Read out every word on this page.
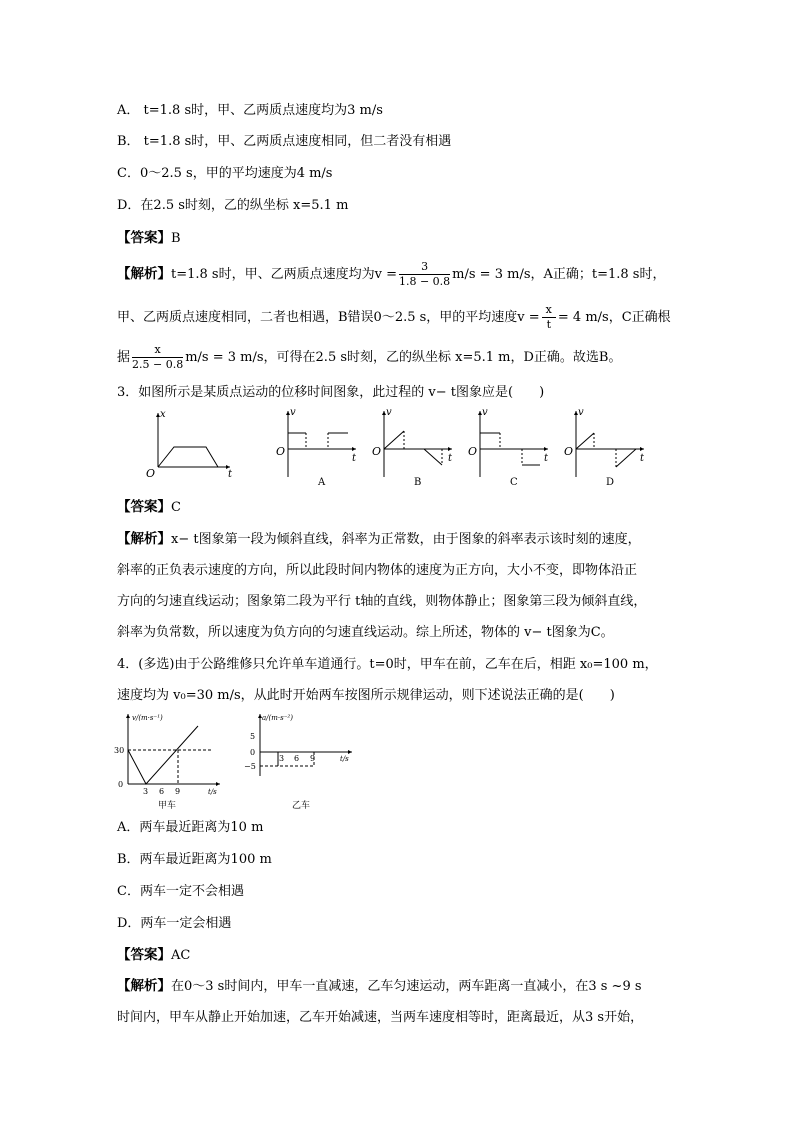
A． t=1.8 s时，甲、乙两质点速度均为3 m/s
B． t=1.8 s时，甲、乙两质点速度相同，但二者没有相遇
C．0～2.5 s，甲的平均速度为4 m/s
D．在2.5 s时刻，乙的纵坐标 x=5.1 m
【答案】B
【解析】t=1.8 s时，甲、乙两质点速度均为$v = \frac{3}{1.8 - 0.8} m/s = 3$ m/s，A正确；t=1.8 s时，
甲、乙两质点速度相同，二者也相遇，B错误0～2.5 s，甲的平均速度$v = \frac{x}{t} = 4$ m/s，C正确根
据 $\frac{x}{2.5 - 0.8} m/s = 3$ m/s，可得在2.5 s时刻，乙的纵坐标 x=5.1 m，D正确。故选B。
3．如图所示是某质点运动的位移时间图象，此过程的 v− t图象应是(　　)
x
t
O
v
t
O
A
v
t
O
B
v
t
O
C
v
t
O
D
【答案】C
【解析】x− t图象第一段为倾斜直线，斜率为正常数，由于图象的斜率表示该时刻的速度，
斜率的正负表示速度的方向，所以此段时间内物体的速度为正方向，大小不变，即物体沿正
方向的匀速直线运动；图象第二段为平行 t轴的直线，则物体静止；图象第三段为倾斜直线，
斜率为负常数，所以速度为负方向的匀速直线运动。综上所述，物体的 v− t图象为C。
4．(多选)由于公路维修只允许单车道通行。t=0时，甲车在前，乙车在后，相距 x₀=100 m，
速度均为 v₀=30 m/s，从此时开始两车按图所示规律运动，则下述说法正确的是(　　)
v/(m·s⁻¹)
30
0
3 6 9	t/s
甲车
a/(m·s⁻²)
5
0
−5
3 6 9	t/s
乙车
A．两车最近距离为10 m
B．两车最近距离为100 m
C．两车一定不会相遇
D．两车一定会相遇
【答案】AC
【解析】在0～3 s时间内，甲车一直减速，乙车匀速运动，两车距离一直减小，在3 s ~9 s
时间内，甲车从静止开始加速，乙车开始减速，当两车速度相等时，距离最近，从3 s开始，
